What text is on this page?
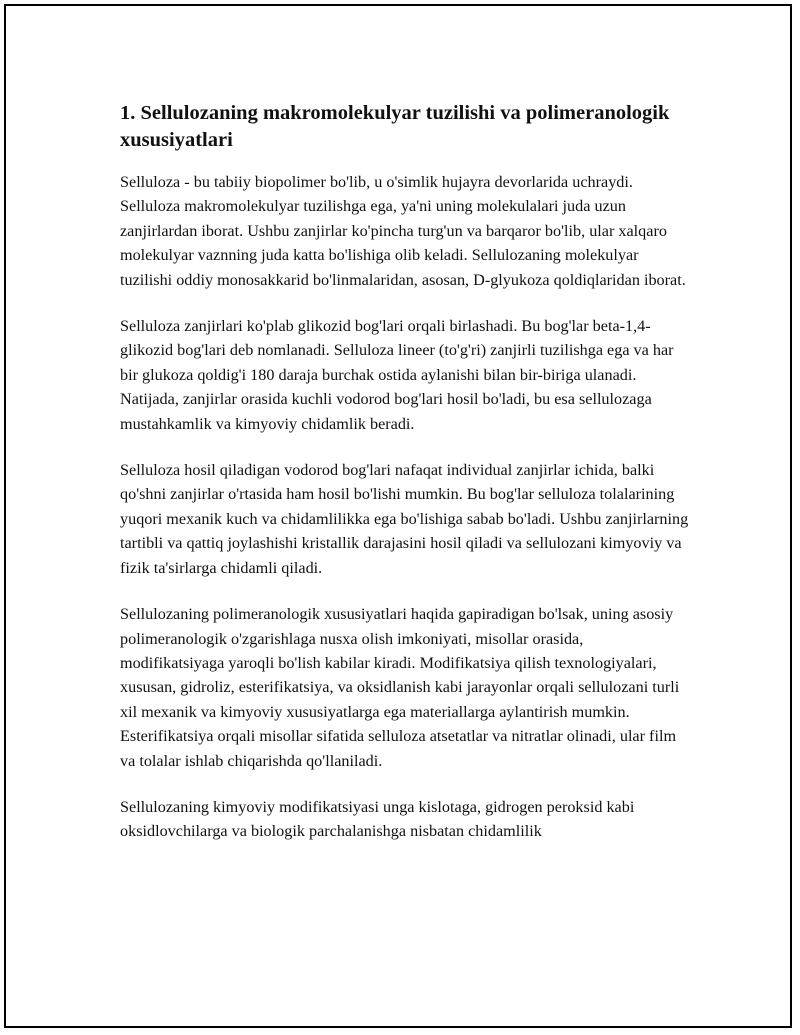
1. Sellulozaning makromolekulyar tuzilishi va polimeranologik xususiyatlari

Selluloza - bu tabiiy biopolimer bo'lib, u o'simlik hujayra devorlarida uchraydi. Selluloza makromolekulyar tuzilishga ega, ya'ni uning molekulalari juda uzun zanjirlardan iborat. Ushbu zanjirlar ko'pincha turg'un va barqaror bo'lib, ular xalqaro molekulyar vaznning juda katta bo'lishiga olib keladi. Sellulozaning molekulyar tuzilishi oddiy monosakkarid bo'linmalaridan, asosan, D-glyukoza qoldiqlaridan iborat.

Selluloza zanjirlari ko'plab glikozid bog'lari orqali birlashadi. Bu bog'lar beta-1,4-glikozid bog'lari deb nomlanadi. Selluloza lineer (to'g'ri) zanjirli tuzilishga ega va har bir glukoza qoldig'i 180 daraja burchak ostida aylanishi bilan bir-biriga ulanadi. Natijada, zanjirlar orasida kuchli vodorod bog'lari hosil bo'ladi, bu esa sellulozaga mustahkamlik va kimyoviy chidamlik beradi.

Selluloza hosil qiladigan vodorod bog'lari nafaqat individual zanjirlar ichida, balki qo'shni zanjirlar o'rtasida ham hosil bo'lishi mumkin. Bu bog'lar selluloza tolalarining yuqori mexanik kuch va chidamlilikka ega bo'lishiga sabab bo'ladi. Ushbu zanjirlarning tartibli va qattiq joylashishi kristallik darajasini hosil qiladi va sellulozani kimyoviy va fizik ta'sirlarga chidamli qiladi.

Sellulozaning polimeranologik xususiyatlari haqida gapiradigan bo'lsak, uning asosiy polimeranologik o'zgarishlaga nusxa olish imkoniyati, misollar orasida, modifikatsiyaga yaroqli bo'lish kabilar kiradi. Modifikatsiya qilish texnologiyalari, xususan, gidroliz, esterifikatsiya, va oksidlanish kabi jarayonlar orqali sellulozani turli xil mexanik va kimyoviy xususiyatlarga ega materiallarga aylantirish mumkin. Esterifikatsiya orqali misollar sifatida selluloza atsetatlar va nitratlar olinadi, ular film va tolalar ishlab chiqarishda qo'llaniladi.

Sellulozaning kimyoviy modifikatsiyasi unga kislotaga, gidrogen peroksid kabi oksidlovchilarga va biologik parchalanishga nisbatan chidamlilik
